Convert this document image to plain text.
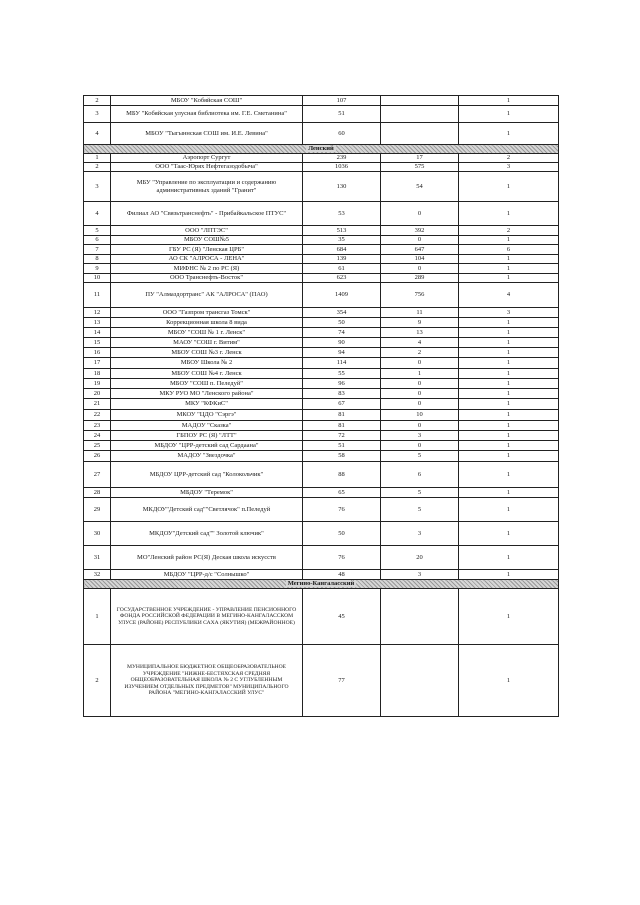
2	МБОУ "Кобяйская СОШ"	107		1
3	МБУ "Кобяйская улусная библиотека им. Г.Е. Сметанина"	51		1
4	МБОУ "Тыгыннская СОШ им. И.Е. Левина"	60		1
Ленский				
1	Аэропорт Сургут	239	17	2
2	ООО "Таас-Юрях Нефтегазодобыча"	1036	575	3
3	МБУ "Управление по эксплуатации и содержанию административных зданий "Гранит"	130	54	1
4	Филиал АО "Связьтранснефть" - Прибайкальское ПТУС"	53	0	1
5	ООО "ЛПТЭС"	513	392	2
6	МБОУ СОШ№5	35	0	1
7	ГБУ РС (Я) "Ленская ЦРБ"	684	647	6
8	АО СК "АЛРОСА - ЛЕНА"	139	104	1
9	МИФНС № 2 по РС (Я)	61	0	1
10	ООО Транснефть-Восток"	623	289	1
11	ПУ "Алмаздортранс" АК "АЛРОСА" (ПАО)	1409	756	4
12	ООО "Газпром трансгаз Томск"	354	11	3
13	Коррекционная школа 8 вида	50	9	1
14	МБОУ "СОШ № 1 г. Ленск"	74	13	1
15	МАОУ "СОШ г. Витим"	90	4	1
16	МБОУ СОШ №3 г. Ленск	94	2	1
17	МБОУ Школа № 2	114	0	1
18	МБОУ СОШ №4 г. Ленск	55	1	1
19	МБОУ "СОШ п. Пеледуй"	96	0	1
20	МКУ РУО МО "Ленского района"	83	0	1
21	МКУ "КФКиС"	67	0	1
22	МКОУ "ЦДО "Сэргэ"	81	10	1
23	МАДОУ "Сказка"	81	0	1
24	ГБПОУ РС (Я) "ЛТТ"	72	3	1
25	МБДОУ "ЦРР-детский сад Сардаана"	51	0	1
26	МАДОУ "Звездочка"	58	5	1
27	МБДОУ ЦРР-детский сад "Колокольчик"	88	6	1
28	МБДОУ "Теремок"	65	5	1
29	МКДОУ"Детский сад""Светлячок" п.Пеледуй	76	5	1
30	МКДОУ"Детский сад"" Золотой ключик"	50	3	1
31	МО"Ленский район РС(Я) Деская школа искусств	76	20	1
32	МБДОУ "ЦРР-д/с "Солнышко"	48	3	1
Мегино-Кангаласский				
1	ГОСУДАРСТВЕННОЕ УЧРЕЖДЕНИЕ - УПРАВЛЕНИЕ ПЕНСИОННОГО ФОНДА РОССИЙСКОЙ ФЕДЕРАЦИИ В МЕГИНО-КАНГАЛАССКОМ УЛУСЕ (РАЙОНЕ) РЕСПУБЛИКИ САХА (ЯКУТИЯ) (МЕЖРАЙОННОЕ)	45		1
2	МУНИЦИПАЛЬНОЕ БЮДЖЕТНОЕ ОБЩЕОБРАЗОВАТЕЛЬНОЕ УЧРЕЖДЕНИЕ "НИЖНЕ-БЕСТЯХСКАЯ СРЕДНЯЯ ОБЩЕОБРАЗОВАТЕЛЬНАЯ ШКОЛА № 2 С УГЛУБЛЕННЫМ ИЗУЧЕНИЕМ ОТДЕЛЬНЫХ ПРЕДМЕТОВ" МУНИЦИПАЛЬНОГО РАЙОНА "МЕГИНО-КАНГАЛАССКИЙ УЛУС"	77		1
